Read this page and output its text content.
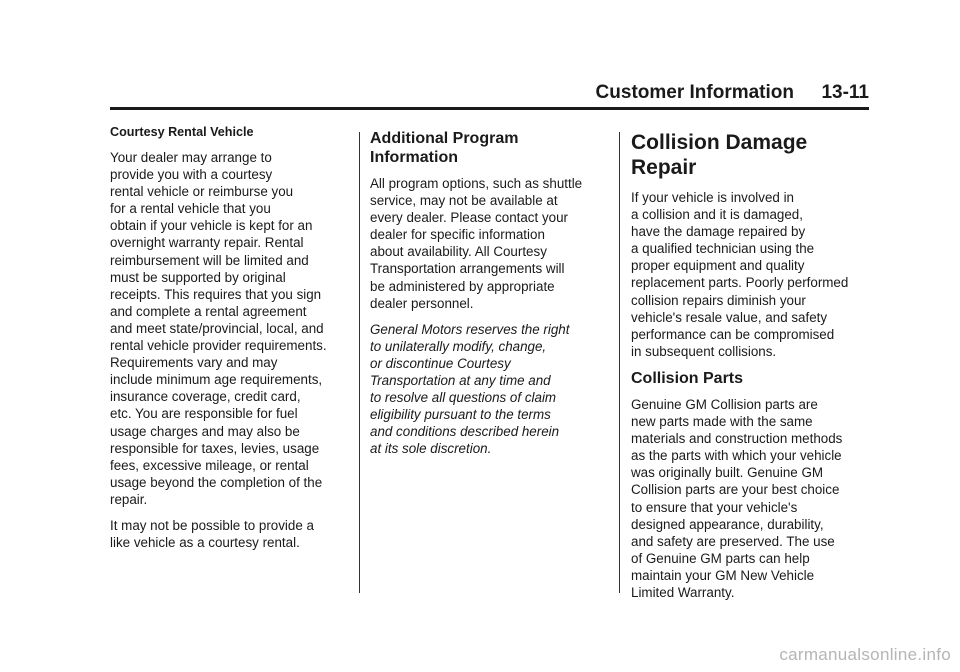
Customer Information 13-11
Courtesy Rental Vehicle

Your dealer may arrange to
provide you with a courtesy
rental vehicle or reimburse you
for a rental vehicle that you
obtain if your vehicle is kept for an
overnight warranty repair. Rental
reimbursement will be limited and
must be supported by original
receipts. This requires that you sign
and complete a rental agreement
and meet state/provincial, local, and
rental vehicle provider requirements.
Requirements vary and may
include minimum age requirements,
insurance coverage, credit card,
etc. You are responsible for fuel
usage charges and may also be
responsible for taxes, levies, usage
fees, excessive mileage, or rental
usage beyond the completion of the
repair.

It may not be possible to provide a
like vehicle as a courtesy rental.

Additional Program
Information

All program options, such as shuttle
service, may not be available at
every dealer. Please contact your
dealer for specific information
about availability. All Courtesy
Transportation arrangements will
be administered by appropriate
dealer personnel.

General Motors reserves the right
to unilaterally modify, change,
or discontinue Courtesy
Transportation at any time and
to resolve all questions of claim
eligibility pursuant to the terms
and conditions described herein
at its sole discretion.

Collision Damage Repair

If your vehicle is involved in
a collision and it is damaged,
have the damage repaired by
a qualified technician using the
proper equipment and quality
replacement parts. Poorly performed
collision repairs diminish your
vehicle's resale value, and safety
performance can be compromised
in subsequent collisions.

Collision Parts

Genuine GM Collision parts are
new parts made with the same
materials and construction methods
as the parts with which your vehicle
was originally built. Genuine GM
Collision parts are your best choice
to ensure that your vehicle's
designed appearance, durability,
and safety are preserved. The use
of Genuine GM parts can help
maintain your GM New Vehicle
Limited Warranty.

carmanualsonline.info
